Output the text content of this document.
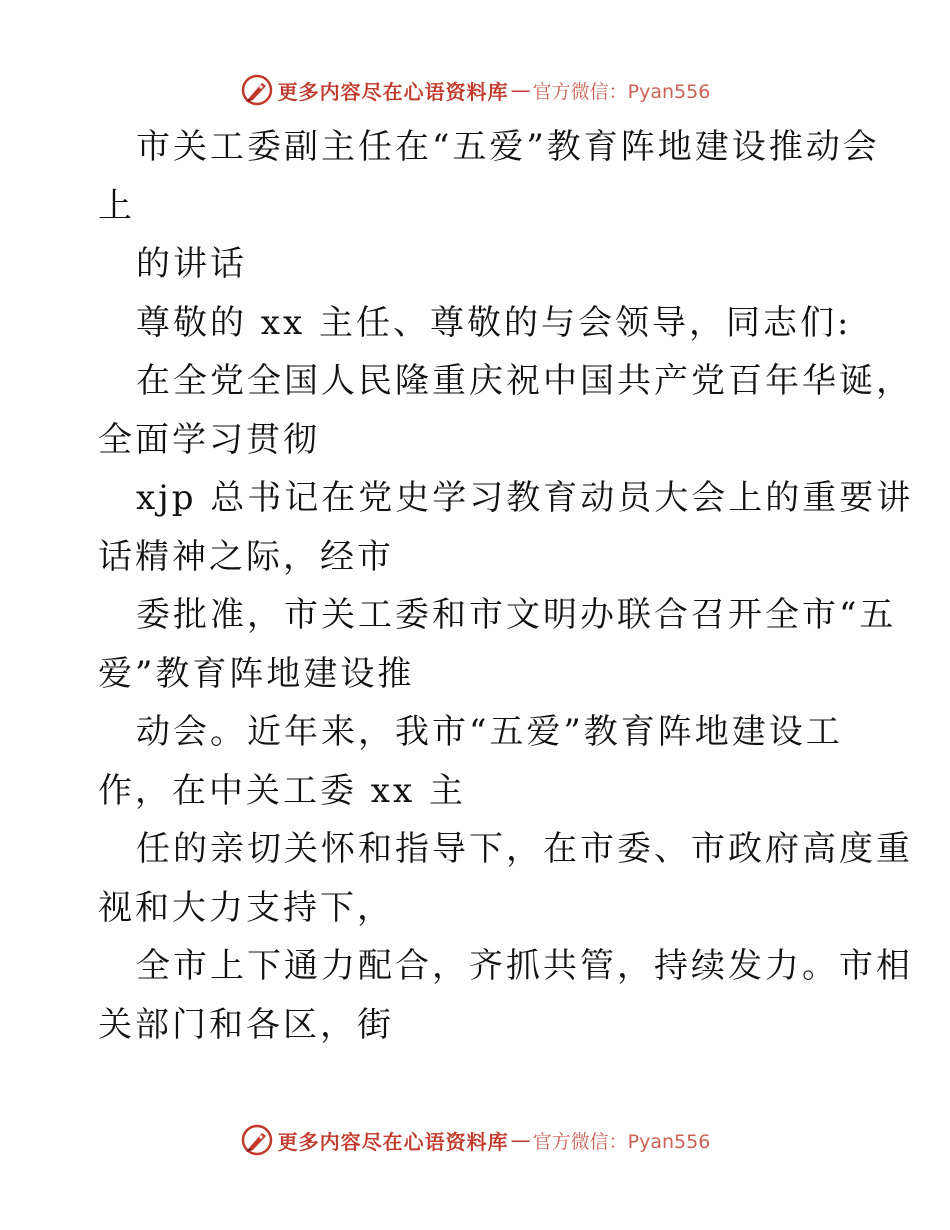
更多内容尽在心语资料库 — 官方微信：Pyan556
市关工委副主任在“五爱”教育阵地建设推动会
上
的讲话
尊敬的 xx 主任、尊敬的与会领导，同志们:
在全党全国人民隆重庆祝中国共产党百年华诞，
全面学习贯彻
xjp 总书记在党史学习教育动员大会上的重要讲
话精神之际，经市
委批准，市关工委和市文明办联合召开全市“五
爱”教育阵地建设推
动会。近年来，我市“五爱”教育阵地建设工
作，在中关工委 xx 主
任的亲切关怀和指导下，在市委、市政府高度重
视和大力支持下，
全市上下通力配合，齐抓共管，持续发力。市相
关部门和各区，街
更多内容尽在心语资料库 — 官方微信：Pyan556
